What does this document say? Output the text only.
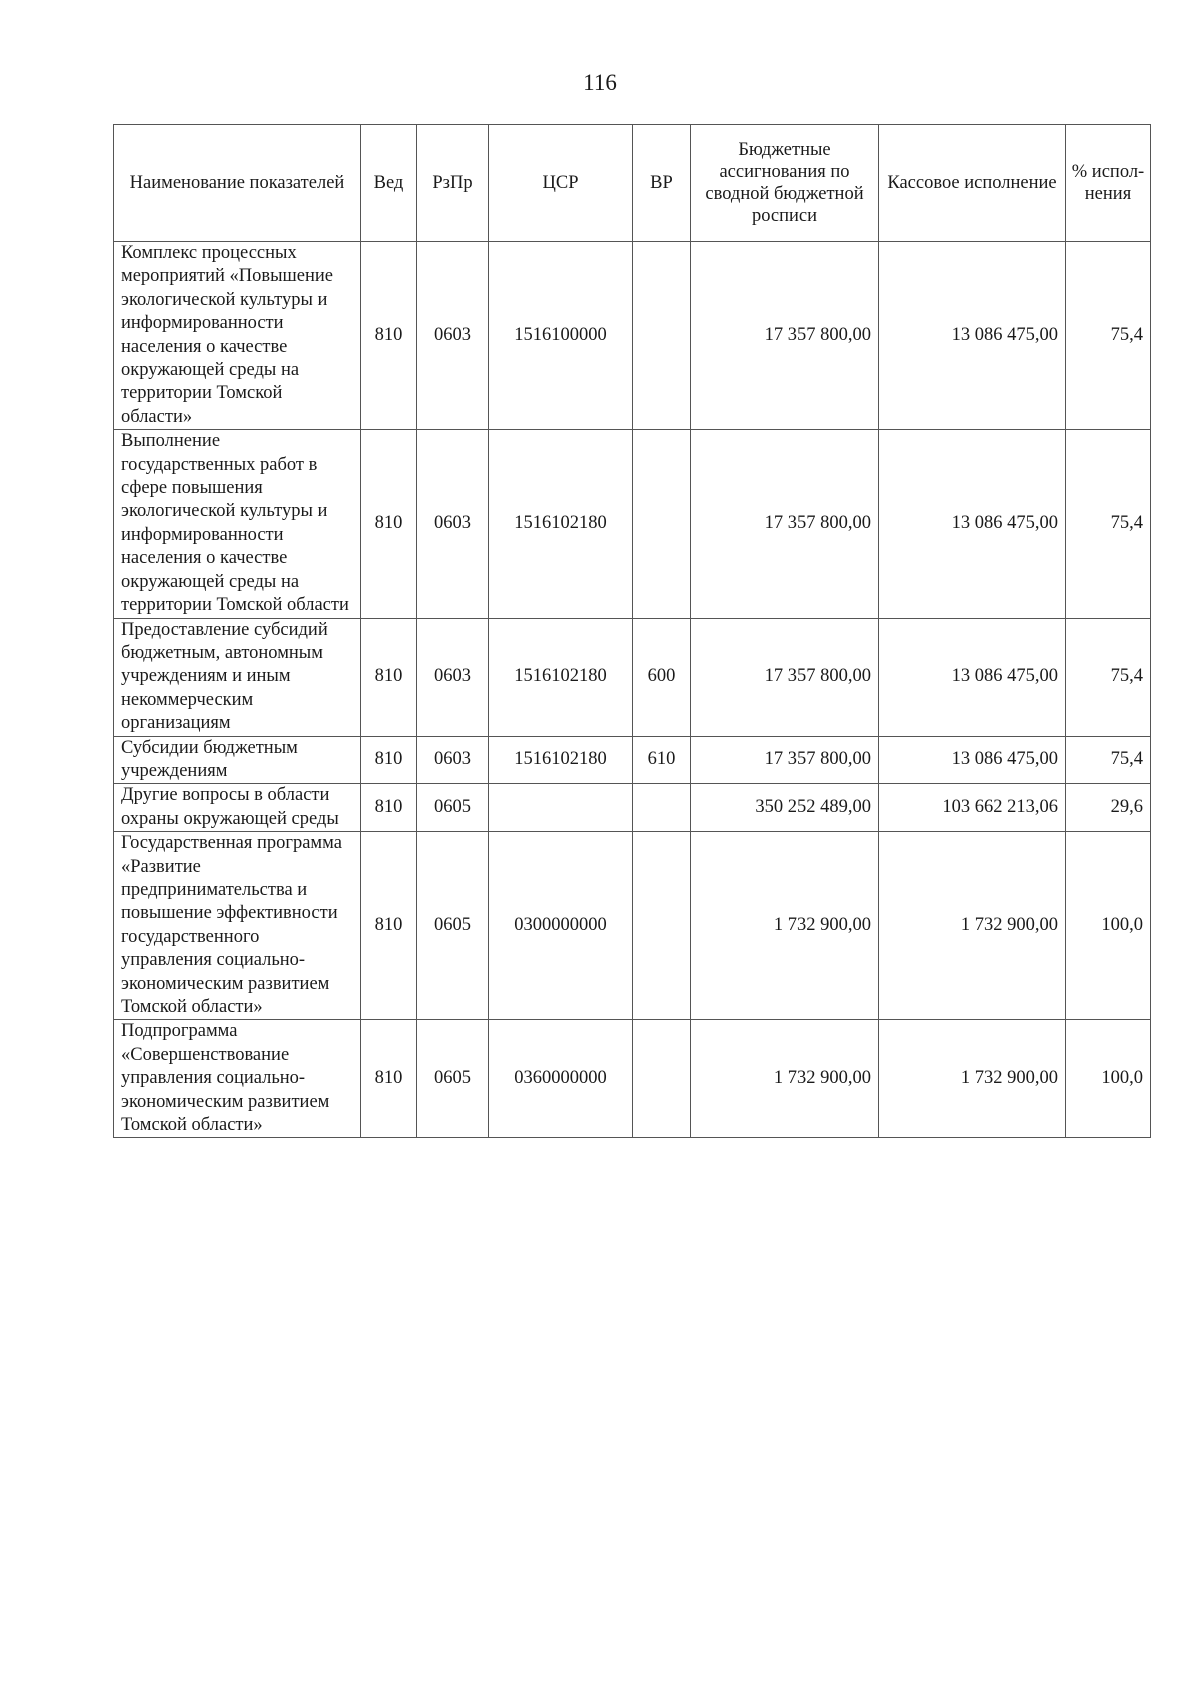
116
Наименование показателей	Вед	РзПр	ЦСР	ВР	Бюджетные ассигнования по сводной бюджетной росписи	Кассовое исполнение	% испол-нения
Комплекс процессных мероприятий «Повышение экологической культуры и информированности населения о качестве окружающей среды на территории Томской области»	810	0603	1516100000		17 357 800,00	13 086 475,00	75,4
Выполнение государственных работ в сфере повышения экологической культуры и информированности населения о качестве окружающей среды на территории Томской области	810	0603	1516102180		17 357 800,00	13 086 475,00	75,4
Предоставление субсидий бюджетным, автономным учреждениям и иным некоммерческим организациям	810	0603	1516102180	600	17 357 800,00	13 086 475,00	75,4
Субсидии бюджетным учреждениям	810	0603	1516102180	610	17 357 800,00	13 086 475,00	75,4
Другие вопросы в области охраны окружающей среды	810	0605			350 252 489,00	103 662 213,06	29,6
Государственная программа «Развитие предпринимательства и повышение эффективности государственного управления социально-экономическим развитием Томской области»	810	0605	0300000000		1 732 900,00	1 732 900,00	100,0
Подпрограмма «Совершенствование управления социально-экономическим развитием Томской области»	810	0605	0360000000		1 732 900,00	1 732 900,00	100,0
